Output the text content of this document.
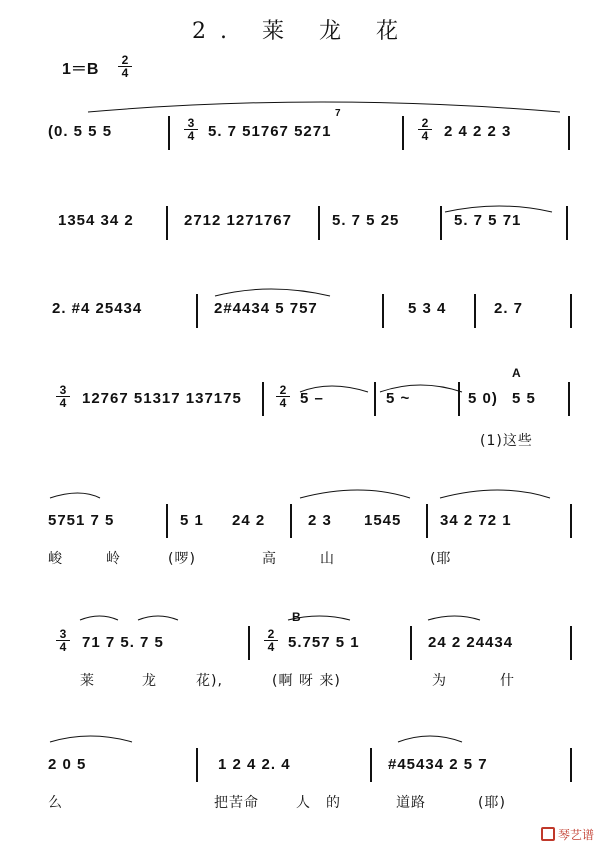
2. 莱 龙 花
$1=B \frac{2}{4}$
(0. 5 5 5	$\frac{3}{4} 5$. 7 51767 5271
7
$\frac{2}{4} 2$ 4 2 2 3
1354 34 2	2712 1271767	5. 7 5 25	5. 7 5 71
2. #4 25434	2#4434 5 757	5 3 4	2. 7
$\frac{3}{4} 12767$ 51317 137175	$\frac{2}{4} 5$ –	5 ~	5 0)
A
5 5
(1)这些
5751 7 5	5 1 24 2	2 3 1545	34 2 72 1
峻	岭	(啰)	高	山	(耶
$\frac{3}{4} 71$ 7 5. 7 5	$\frac{2}{4}$
B
5.757 5 1	24 2 24434
莱	龙	花),	(啊 呀 来)	为	什
2 0 5	1 2 4 2. 4	#45434 2 5 7
么	把苦命	人 的	道路	(耶)
琴艺谱
